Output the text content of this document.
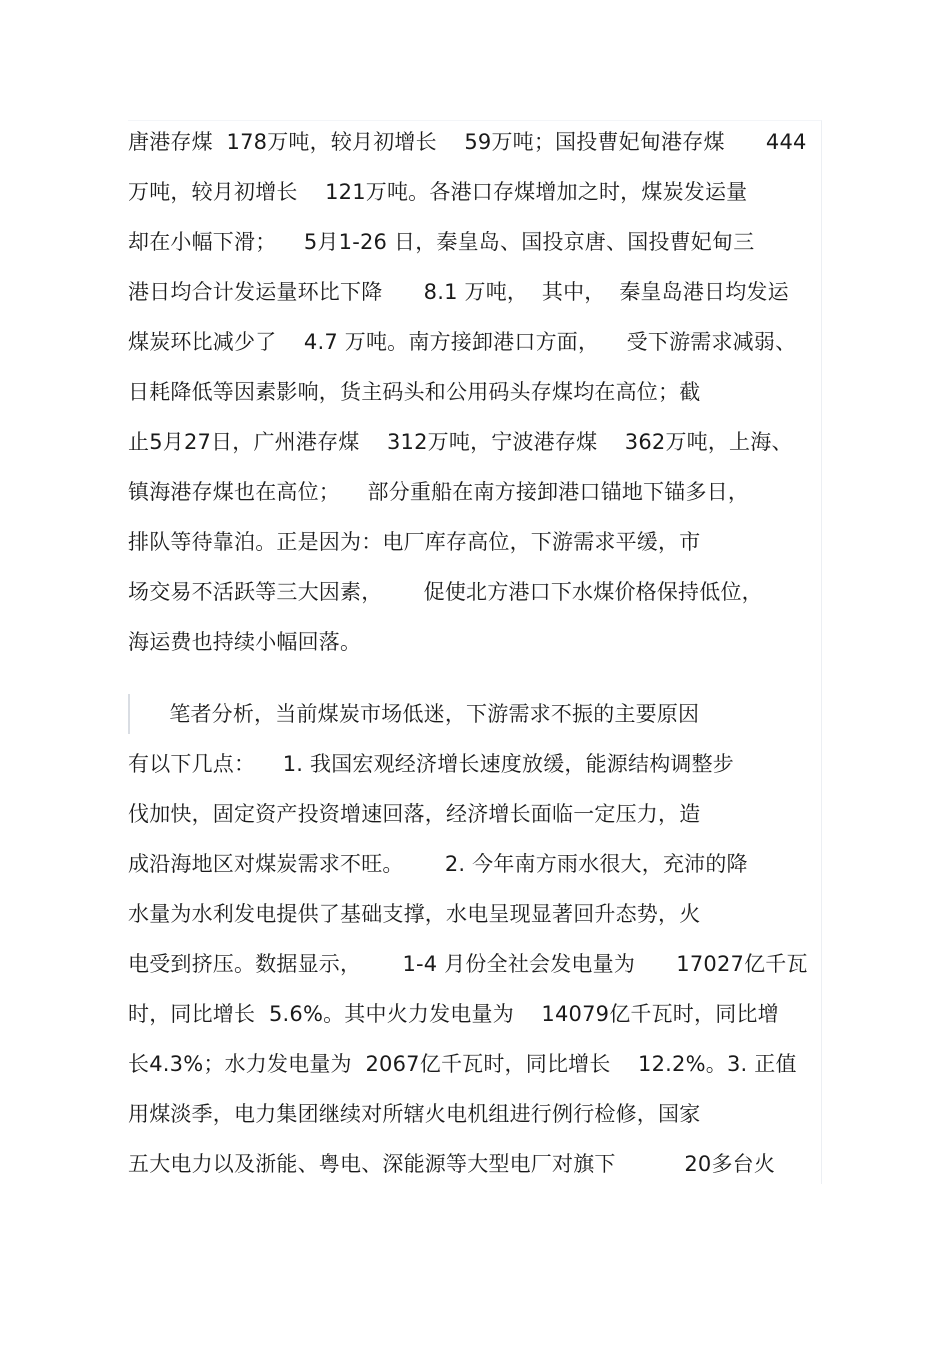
唐港存煤  178万吨，较月初增长    59万吨；国投曹妃甸港存煤      444
万吨，较月初增长    121万吨。各港口存煤增加之时，煤炭发运量
却在小幅下滑；    5月1-26 日，秦皇岛、国投京唐、国投曹妃甸三
港日均合计发运量环比下降      8.1 万吨，  其中，  秦皇岛港日均发运
煤炭环比减少了    4.7 万吨。南方接卸港口方面，    受下游需求减弱、
日耗降低等因素影响，货主码头和公用码头存煤均在高位；截
止5月27日，广州港存煤    312万吨，宁波港存煤    362万吨，上海、
镇海港存煤也在高位；    部分重船在南方接卸港口锚地下锚多日，
排队等待靠泊。正是因为：电厂库存高位，下游需求平缓，市
场交易不活跃等三大因素，      促使北方港口下水煤价格保持低位，
海运费也持续小幅回落。
笔者分析，当前煤炭市场低迷，下游需求不振的主要原因
有以下几点：    1. 我国宏观经济增长速度放缓，能源结构调整步
伐加快，固定资产投资增速回落，经济增长面临一定压力，造
成沿海地区对煤炭需求不旺。      2. 今年南方雨水很大，充沛的降
水量为水利发电提供了基础支撑，水电呈现显著回升态势，火
电受到挤压。数据显示，      1-4 月份全社会发电量为      17027亿千瓦
时，同比增长  5.6%。其中火力发电量为    14079亿千瓦时，同比增
长4.3%；水力发电量为  2067亿千瓦时，同比增长    12.2%。3. 正值
用煤淡季，电力集团继续对所辖火电机组进行例行检修，国家
五大电力以及浙能、粤电、深能源等大型电厂对旗下          20多台火
